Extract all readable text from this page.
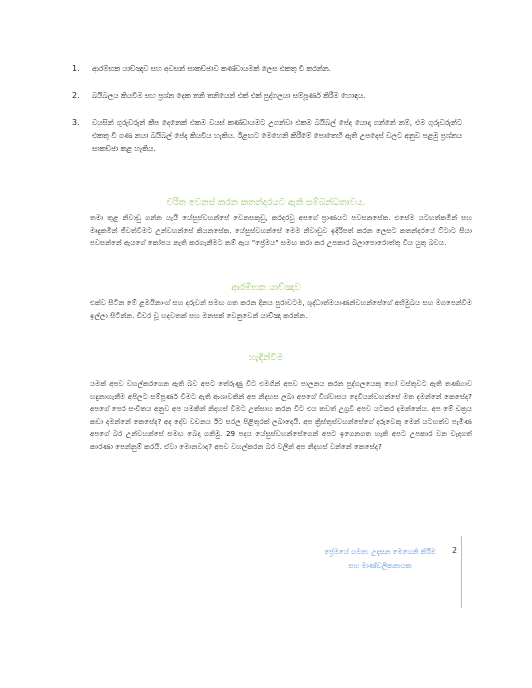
1.	ආරම්භක යාච්ඤාව සහ අවසන් සාකච්ඡාව කණ්ඩායමක් ලෙස එකතු වී කරන්න.
2.	බයිබලය කියවීම සහ ප්‍රශ්න දෙක තනි තනියෙන් එක් එක් පුද්ගලයා සම්පූර්ණ කිරීම හොඳය.
3.	වයසින් ගුරුවරුන් කීප දෙනෙක් එකම වයස් කණ්ඩායමට උගන්වා එකම බයිබල් පේද යොදා ගන්නේ නම්, එම ගුරුවරුන්ට එකතු වී ගණ නයා බයිබල් පේද කියවිය හැකිය. ඊළඟට මෙහෙනි කිරීමේ පොතෙහි ඇති උපදෙස් වලට අනුව පළමු ප්‍රශ්නය සාකච්ඡා කළ හැකිය.
චරිත වෙනස් කරන කතන්දරයට ඇති සම්බන්ධතාවය.

තමා තුළ නිවාඩු ගන්න යැයි යේසුස්වහන්සේ වෙනසකුඩු, කරදරවු අපගේ ප්‍රාණයට පවසනසේක. එසේම යටහත්කමින් සහ මෘදුකමින් ජීවත්වීමට උන්වහන්සේ කියනසේක. යේසුස්වහන්සේ මෙම නිවාඩුව ඉදිරිපත් කරන ලෙසට කතන්දරයේ ට්ටාට සියා පවසන්නේ ඇයගේ කෝපය නැති කරගැනීමට නම් ඇය "ප්‍රේමය" සමඟ කරා කර උපකාර බලාපොරොත්තු විය යුතු බවය.

ආරම්භක යාච්ඤාව

එක්ව සිටින මේ ළමයිනාංග් සහ දරුවන් සමඟ ගත කරන දිනය පුරාවටම, ශුද්ධාත්මයාණන්වහන්සේගේ අභිමුඛය සහ මගපෙන්වීම ඉල්ලා සිටින්න. චිවර වූ හදවතක් සහ මනසක් වෙනුවෙන් යාච්ඤා කරන්න.

හැඳින්වීම

යමක් අපව වහල්කරගෙන ඇති බව අපට තේරුණු විට එමගින් අපව පාලනය කරන පුද්ගලයෙකු හෝ වස්තුවට ඇති තණ්හාව හදුනාගැනීම අපිලට සම්පූර්ණ වීමට ඇති ආශාවකින් අප නිදහස ලබා අපගේ විශ්වාසය දෙවියන්වහන්සේ මත දමන්නේ කෙසේද? අපගේ පෙර සංචිතය අනුව අප යමකින් නිදහස් වීමට උත්සාහ කරන විට එය තවත් උග්‍රවී අපව යටකර දමන්නේය. අප මේ චක්‍රය කඩා දමන්නේ කෙසේද? අද දේව වචනය ඊට සරල පිළිතුරක් ලබාදෙයි. අප ක්‍රිස්තුස්වහන්සේගේ දරුවෙකු මෙන් යටහත්ව පැමිණ අපගේ බර උන්වහන්සේ සමඟ බෙදා ගනිමු. 29 පදය යේසුස්වහන්සේගෙන් අපට ඉගෙනගත හැකි අපට උපකාර වන වැදගත් කාරණා පෙන්නුම් කරයි. ඒවා මොනවාද? අපව වහල්කරන බර වලින් අප නිදහස් වන්නේ කෙසේද?

ප්‍රේමයේ ගමන: උදැසන මෙහෙනි කිරීම
සහ මාණ්ඩලිකනායක
2
